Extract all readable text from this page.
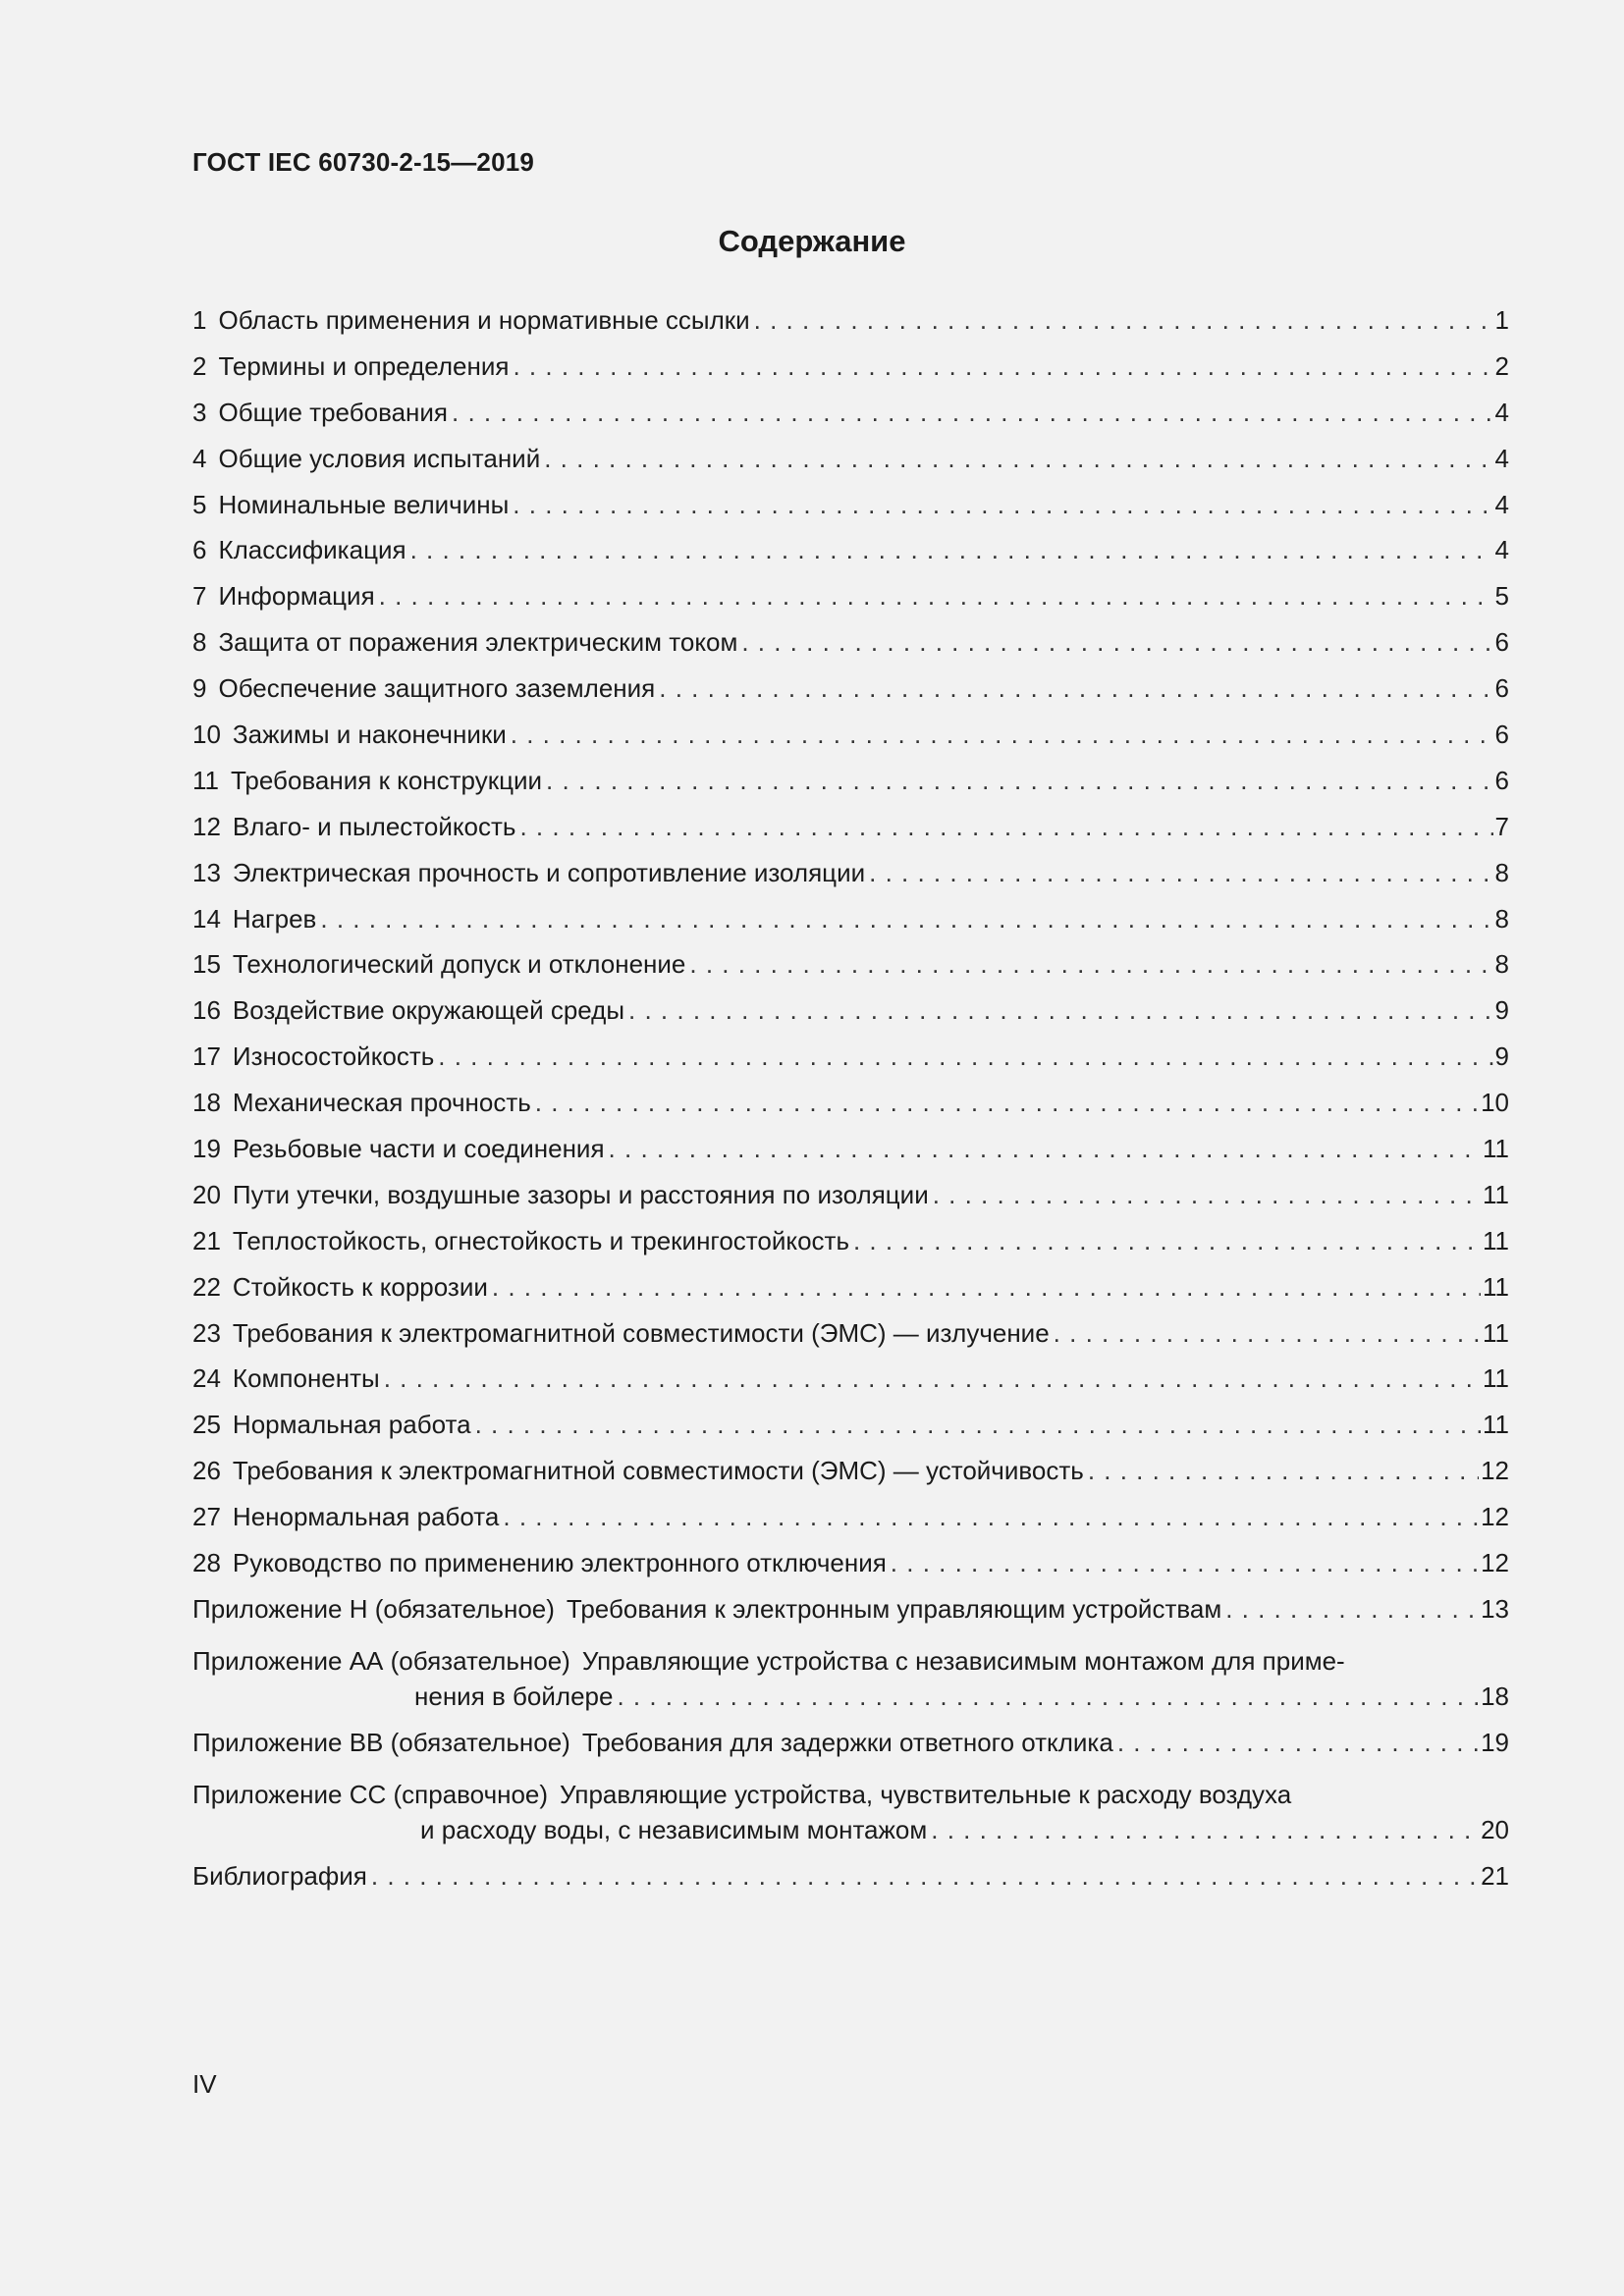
ГОСТ IEC 60730-2-15—2019
Содержание
1 Область применения и нормативные ссылки . . .	1
2 Термины и определения . . .	2
3 Общие требования . . .	4
4 Общие условия испытаний . . .	4
5 Номинальные величины . . .	4
6 Классификация . . .	4
7 Информация . . .	5
8 Защита от поражения электрическим током . . .	6
9 Обеспечение защитного заземления . . .	6
10 Зажимы и наконечники . . .	6
11 Требования к конструкции . . .	6
12 Влаго- и пылестойкость . . .	7
13 Электрическая прочность и сопротивление изоляции . . .	8
14 Нагрев . . .	8
15 Технологический допуск и отклонение . . .	8
16 Воздействие окружающей среды . . .	9
17 Износостойкость . . .	9
18 Механическая прочность . . .	10
19 Резьбовые части и соединения . . .	11
20 Пути утечки, воздушные зазоры и расстояния по изоляции . . .	11
21 Теплостойкость, огнестойкость и трекингостойкость . . .	11
22 Стойкость к коррозии . . .	11
23 Требования к электромагнитной совместимости (ЭМС) — излучение . . .	11
24 Компоненты . . .	11
25 Нормальная работа . . .	11
26 Требования к электромагнитной совместимости (ЭМС) — устойчивость . . .	12
27 Ненормальная работа . . .	12
28 Руководство по применению электронного отключения . . .	12
Приложение Н (обязательное) Требования к электронным управляющим устройствам . . .	13
Приложение АА (обязательное) Управляющие устройства с независимым монтажом для приме-
нения в бойлере . . .	18
Приложение ВВ (обязательное) Требования для задержки ответного отклика . . .	19
Приложение СС (справочное) Управляющие устройства, чувствительные к расходу воздуха
и расходу воды, с независимым монтажом . . .	20
Библиография . . .	21
IV
